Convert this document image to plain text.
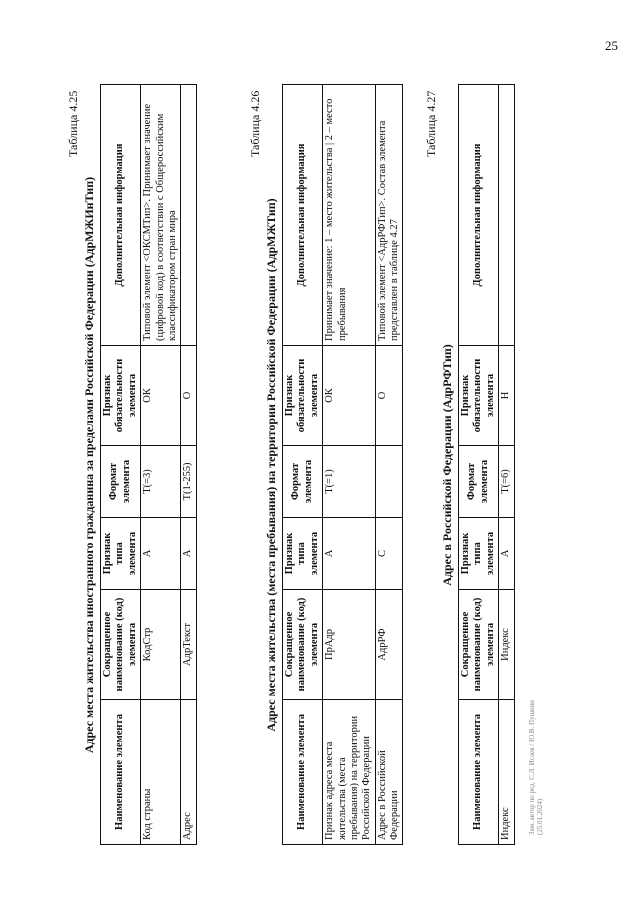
25
Таблица 4.25
Адрес места жительства иностранного гражданина за пределами Российской Федерации (АдрМЖИнТип)
Наименование элемента	Сокращенное наименование (код) элемента	Признак типа элемента	Формат элемента	Признак обязательности элемента	Дополнительная информация
Код страны	КодСтр	А	T(=3)	ОК	Типовой элемент <ОКСМТип>. Принимает значение (цифровой код) в соответствии с Общероссийским классификатором стран мира
Адрес	АдрТекст	А	T(1-255)	О	
Таблица 4.26
Адрес места жительства (места пребывания) на территории Российской Федерации (АдрМЖТип)
Наименование элемента	Сокращенное наименование (код) элемента	Признак типа элемента	Формат элемента	Признак обязательности элемента	Дополнительная информация
Признак адреса места жительства (места пребывания) на территории Российской Федерации	ПрАдр	А	T(=1)	ОК	Принимает значение: 1 – место жительства | 2 – место пребывания
Адрес в Российской Федерации	АдрРФ	С		О	Типовой элемент <АдрРФТип>. Состав элемента представлен в таблице 4.27
Таблица 4.27
Адрес в Российской Федерации (АдрРФТип)
Наименование элемента	Сокращенное наименование (код) элемента	Признак типа элемента	Формат элемента	Признак обязательности элемента	Дополнительная информация
Индекс	Индекс	А	T(=6)	Н	
Зам. автор по ред. С.Л. Исаев / Ю.В. Пушкин (25.01.2024)
